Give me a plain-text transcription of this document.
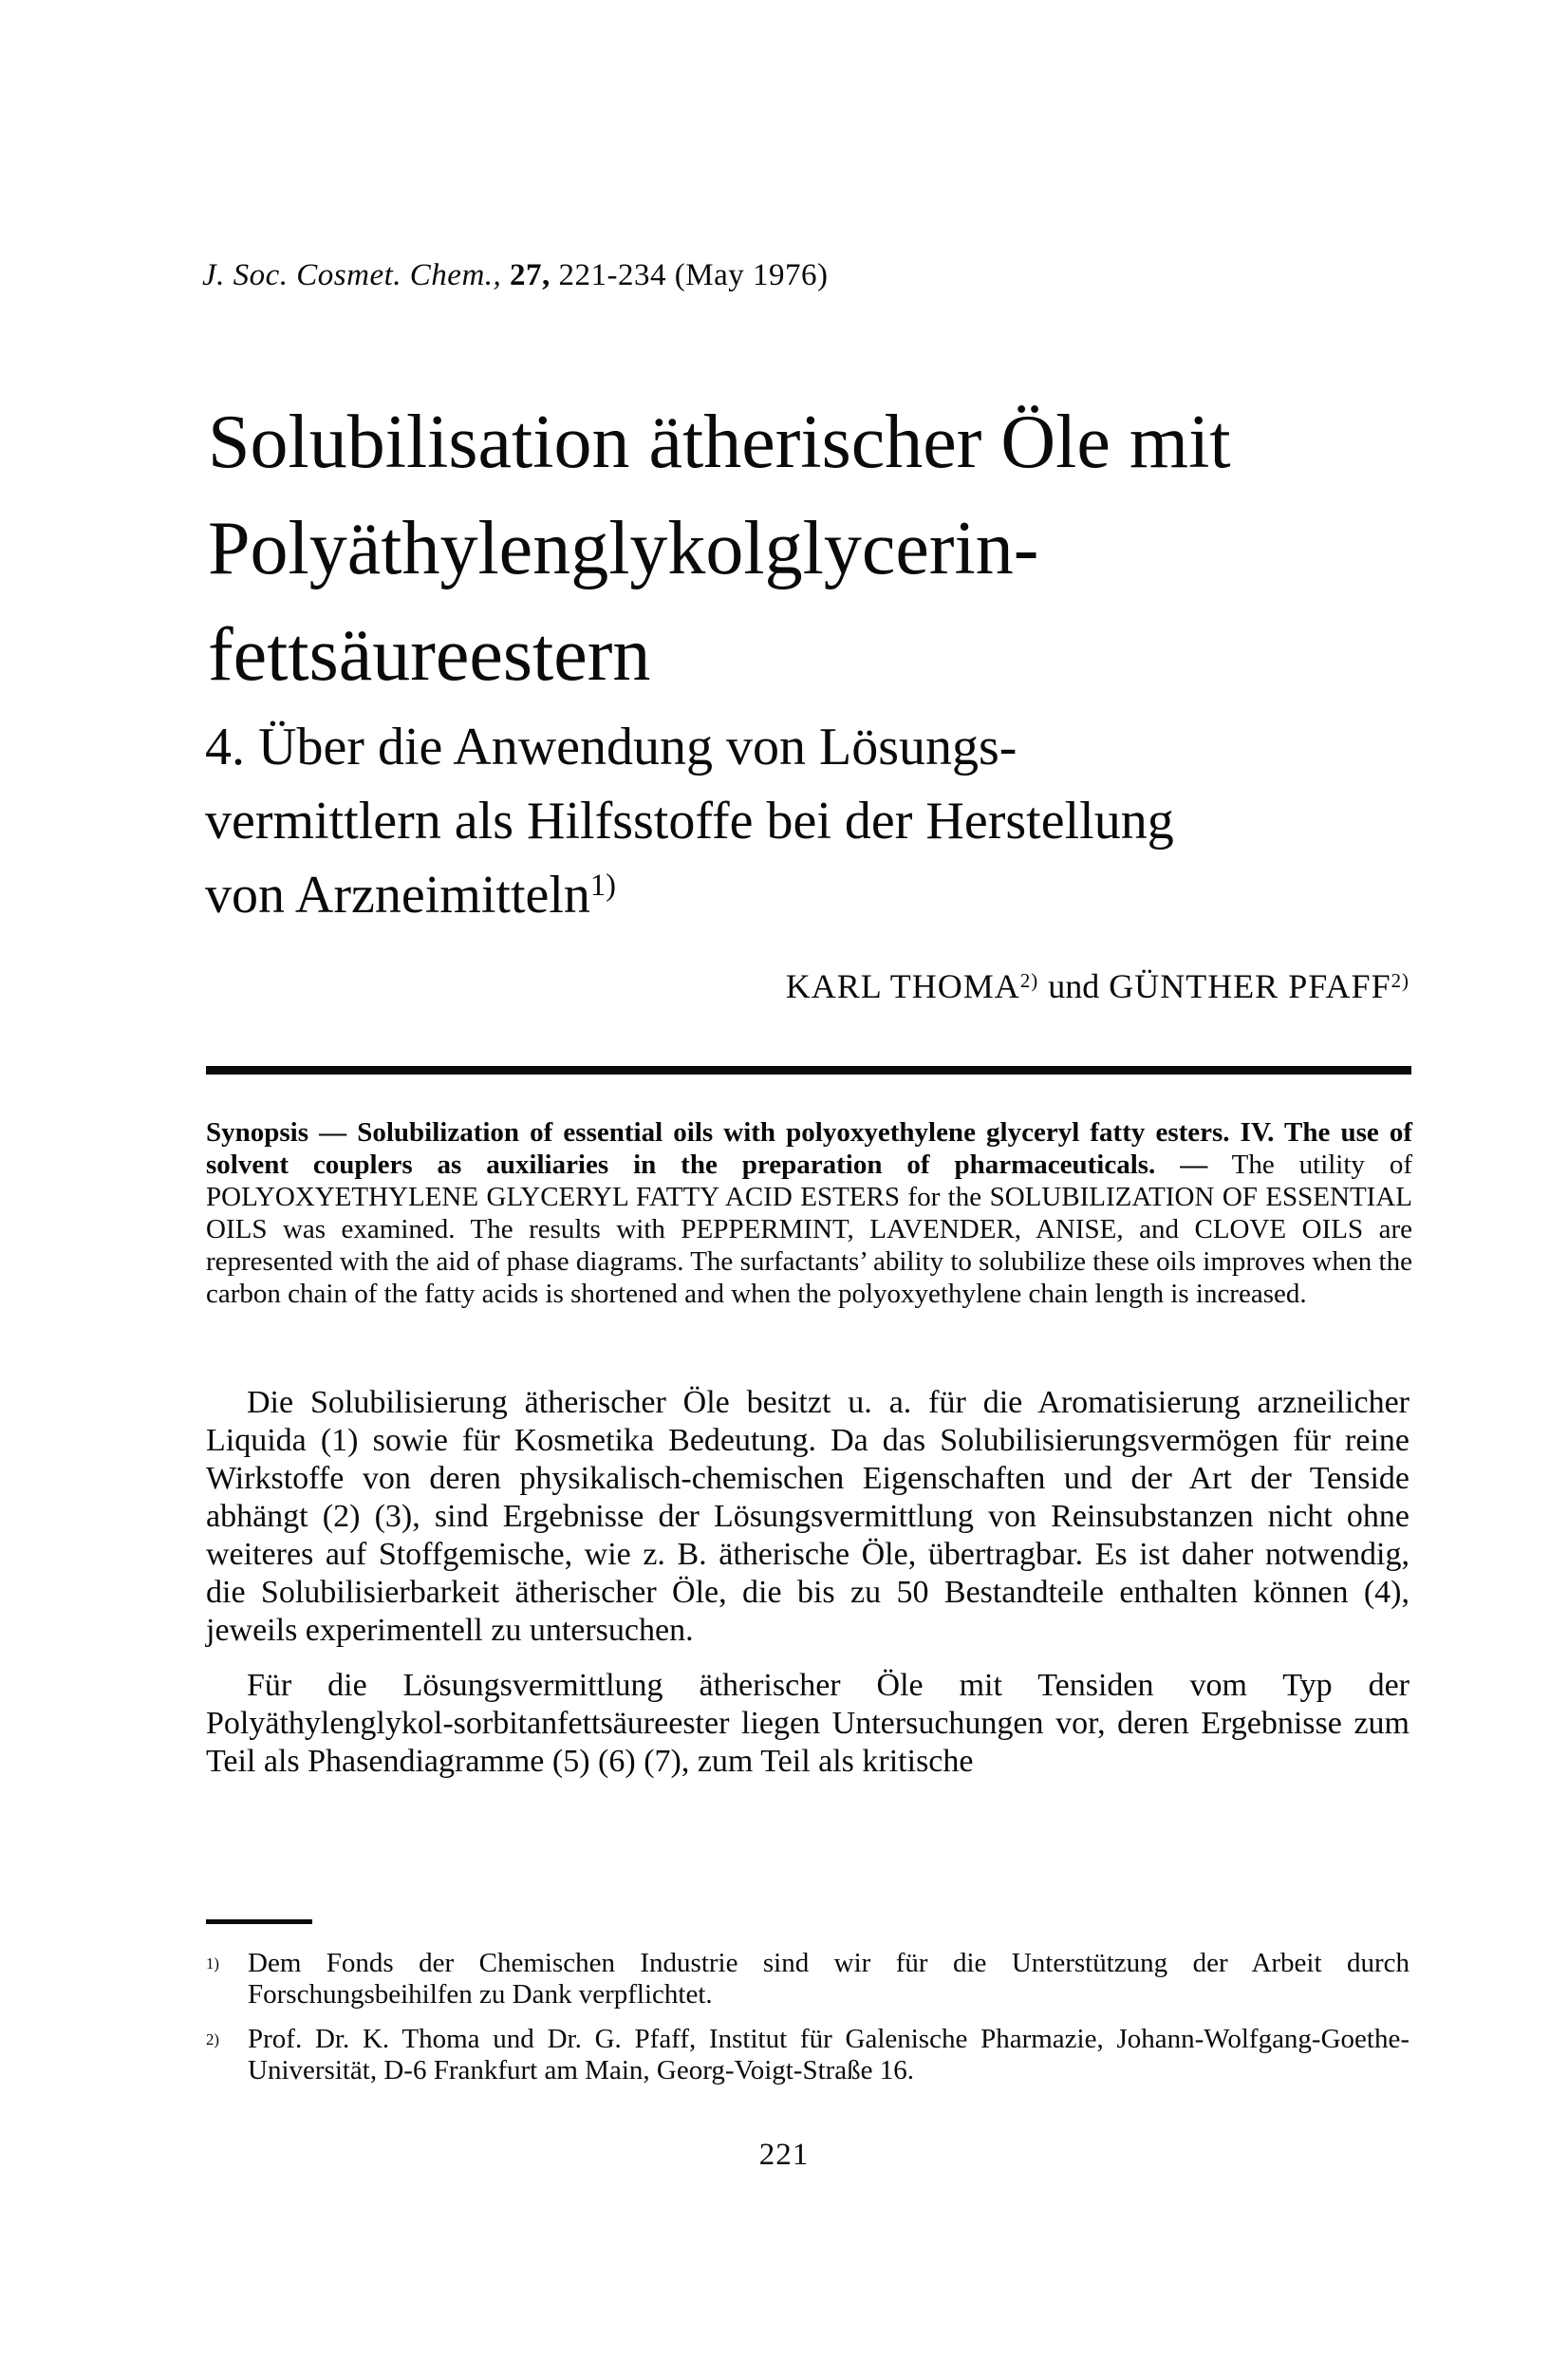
J. Soc. Cosmet. Chem., 27, 221-234 (May 1976)
Solubilisation ätherischer Öle mit
Polyäthylenglykolglycerin-
fettsäureestern
4. Über die Anwendung von Lösungs-
vermittlern als Hilfsstoffe bei der Herstellung
von Arzneimitteln$^{1)}$
KARL THOMA$^{2)}$ und GÜNTHER PFAFF$^{2)}$

Synopsis — Solubilization of essential oils with polyoxyethylene glyceryl fatty esters. IV. The use of solvent couplers as auxiliaries in the preparation of pharmaceuticals. — The utility of POLYOXYETHYLENE GLYCERYL FATTY ACID ESTERS for the SOLUBILIZATION OF ESSENTIAL OILS was examined. The results with PEPPERMINT, LAVENDER, ANISE, and CLOVE OILS are represented with the aid of phase diagrams. The surfactants’ ability to solubilize these oils improves when the carbon chain of the fatty acids is shortened and when the polyoxyethylene chain length is increased.

Die Solubilisierung ätherischer Öle besitzt u. a. für die Aromatisierung arzneilicher Liquida (1) sowie für Kosmetika Bedeutung. Da das Solubilisierungsvermögen für reine Wirkstoffe von deren physikalisch-chemischen Eigenschaften und der Art der Tenside abhängt (2) (3), sind Ergebnisse der Lösungsvermittlung von Reinsubstanzen nicht ohne weiteres auf Stoffgemische, wie z. B. ätherische Öle, übertragbar. Es ist daher notwendig, die Solubilisierbarkeit ätherischer Öle, die bis zu 50 Bestandteile enthalten können (4), jeweils experimentell zu untersuchen.

Für die Lösungsvermittlung ätherischer Öle mit Tensiden vom Typ der Polyäthylenglykol-sorbitanfettsäureester liegen Untersuchungen vor, deren Ergebnisse zum Teil als Phasendiagramme (5) (6) (7), zum Teil als kritische

1) Dem Fonds der Chemischen Industrie sind wir für die Unterstützung der Arbeit durch Forschungsbeihilfen zu Dank verpflichtet.
2) Prof. Dr. K. Thoma und Dr. G. Pfaff, Institut für Galenische Pharmazie, Johann-Wolfgang-Goethe-Universität, D-6 Frankfurt am Main, Georg-Voigt-Straße 16.
221
